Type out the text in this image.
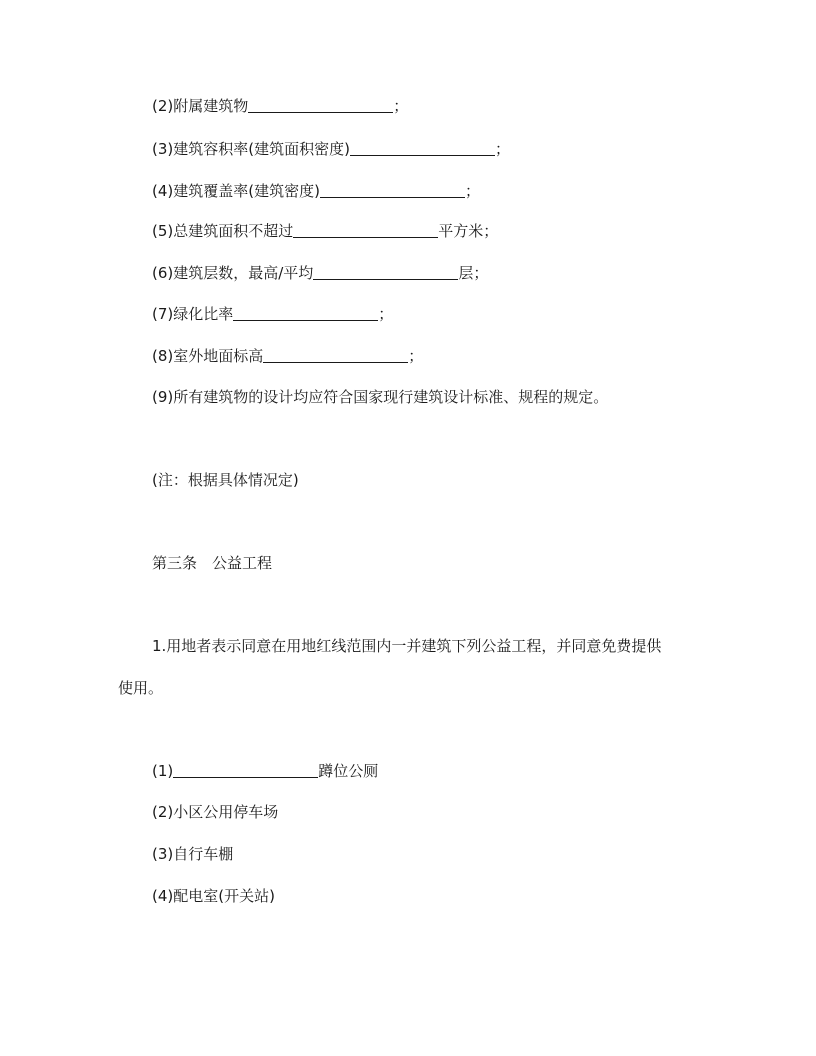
(2)附属建筑物	；
(3)建筑容积率(建筑面积密度)	；
(4)建筑覆盖率(建筑密度)	；
(5)总建筑面积不超过	平方米；
(6)建筑层数，最高/平均	层；
(7)绿化比率	；
(8)室外地面标高	；
(9)所有建筑物的设计均应符合国家现行建筑设计标准、规程的规定。
(注：根据具体情况定)
第三条　公益工程
1.用地者表示同意在用地红线范围内一并建筑下列公益工程，并同意免费提供
使用。
(1)	蹲位公厕
(2)小区公用停车场
(3)自行车棚
(4)配电室(开关站)
